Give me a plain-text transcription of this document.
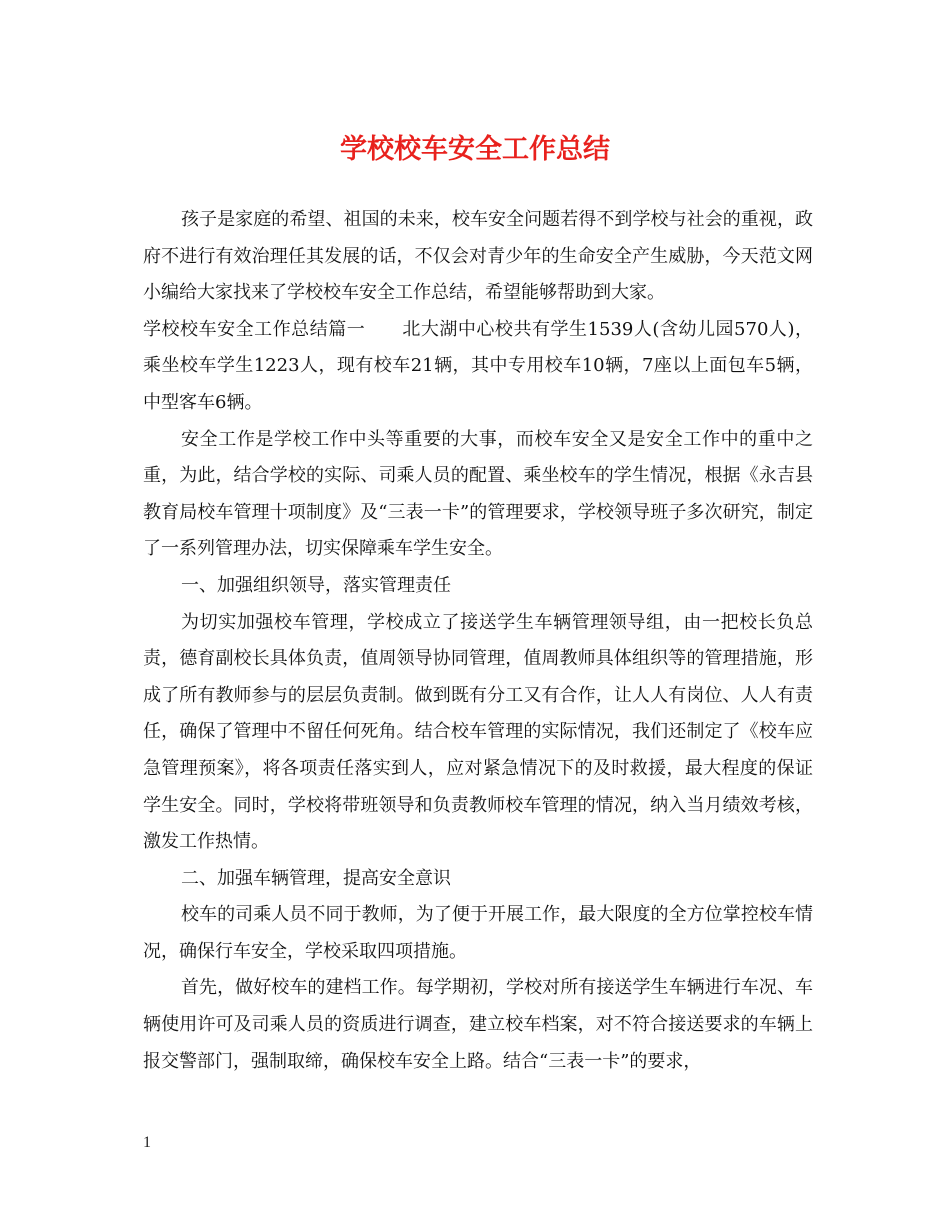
学校校车安全工作总结

孩子是家庭的希望、祖国的未来，校车安全问题若得不到学校与社会的重视，政府不进行有效治理任其发展的话，不仅会对青少年的生命安全产生威胁，今天范文网小编给大家找来了学校校车安全工作总结，希望能够帮助到大家。

学校校车安全工作总结篇一　　北大湖中心校共有学生1539人(含幼儿园570人)，乘坐校车学生1223人，现有校车21辆，其中专用校车10辆，7座以上面包车5辆，中型客车6辆。

安全工作是学校工作中头等重要的大事，而校车安全又是安全工作中的重中之重，为此，结合学校的实际、司乘人员的配置、乘坐校车的学生情况，根据《永吉县教育局校车管理十项制度》及“三表一卡”的管理要求，学校领导班子多次研究，制定了一系列管理办法，切实保障乘车学生安全。

一、加强组织领导，落实管理责任

为切实加强校车管理，学校成立了接送学生车辆管理领导组，由一把校长负总责，德育副校长具体负责，值周领导协同管理，值周教师具体组织等的管理措施，形成了所有教师参与的层层负责制。做到既有分工又有合作，让人人有岗位、人人有责任，确保了管理中不留任何死角。结合校车管理的实际情况，我们还制定了《校车应急管理预案》，将各项责任落实到人，应对紧急情况下的及时救援，最大程度的保证学生安全。同时，学校将带班领导和负责教师校车管理的情况，纳入当月绩效考核，激发工作热情。

二、加强车辆管理，提高安全意识

校车的司乘人员不同于教师，为了便于开展工作，最大限度的全方位掌控校车情况，确保行车安全，学校采取四项措施。

首先，做好校车的建档工作。每学期初，学校对所有接送学生车辆进行车况、车辆使用许可及司乘人员的资质进行调查，建立校车档案，对不符合接送要求的车辆上报交警部门，强制取缔，确保校车安全上路。结合“三表一卡”的要求，

1
